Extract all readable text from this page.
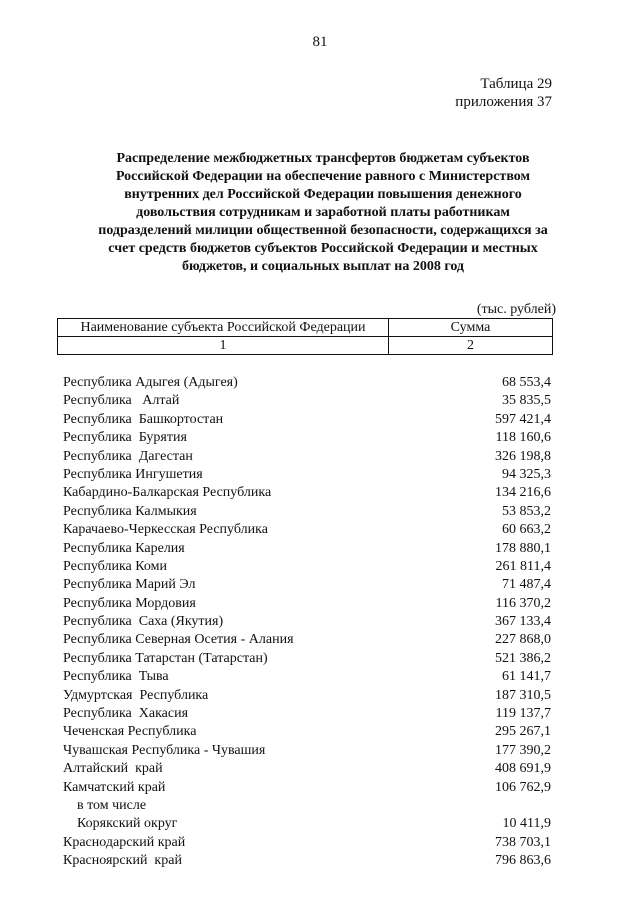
81
Таблица 29
приложения 37
Распределение межбюджетных трансфертов бюджетам субъектов Российской Федерации на обеспечение равного с Министерством внутренних дел Российской Федерации повышения денежного довольствия сотрудникам и заработной платы работникам подразделений милиции общественной безопасности, содержащихся за счет средств бюджетов субъектов Российской Федерации и местных бюджетов, и социальных выплат на 2008 год
(тыс. рублей)
Наименование субъекта Российской Федерации	Сумма
1	2
Республика Адыгея (Адыгея)	68 553,4
Республика   Алтай	35 835,5
Республика  Башкортостан	597 421,4
Республика  Бурятия	118 160,6
Республика  Дагестан	326 198,8
Республика Ингушетия	94 325,3
Кабардино-Балкарская Республика	134 216,6
Республика Калмыкия	53 853,2
Карачаево-Черкесская Республика	60 663,2
Республика Карелия	178 880,1
Республика Коми	261 811,4
Республика Марий Эл	71 487,4
Республика Мордовия	116 370,2
Республика  Саха (Якутия)	367 133,4
Республика Северная Осетия - Алания	227 868,0
Республика Татарстан (Татарстан)	521 386,2
Республика  Тыва	61 141,7
Удмуртская  Республика	187 310,5
Республика  Хакасия	119 137,7
Чеченская Республика	295 267,1
Чувашская Республика - Чувашия	177 390,2
Алтайский  край	408 691,9
Камчатский край	106 762,9
в том числе
Корякский округ	10 411,9
Краснодарский край	738 703,1
Красноярский  край	796 863,6
